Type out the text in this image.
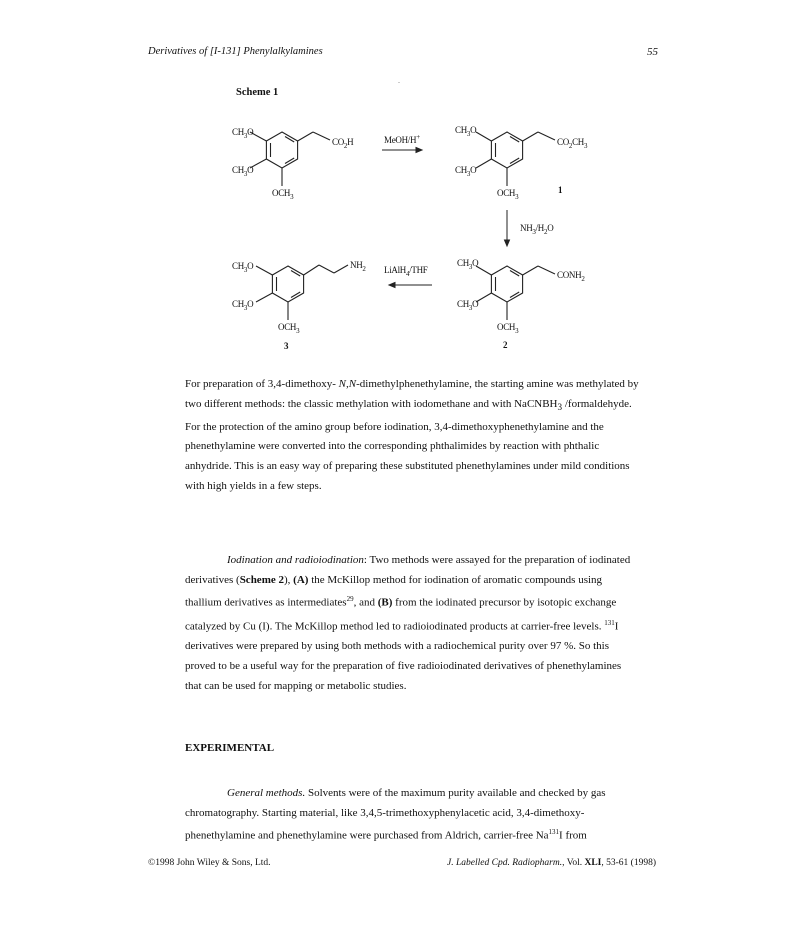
Derivatives of [I-131] Phenylalkylamines	55
Scheme 1
$CH_3O$
$CH_3O$
$OCH_3$
$CO_2H$	MeOH/H+
$CH_3O$
$CH_3O$
$OCH_3$
$CO_2CH_3$
1
$NH_3/H_2O$
$CH_3O$
$CH_3O$
$OCH_3$
$CONH_2$
2
LiAlH$_4$/THF
$CH_3O$
$CH_3O$
$OCH_3$
$NH_2$
3

For preparation of 3,4-dimethoxy- N,N-dimethylphenethylamine, the starting amine was methylated by two different methods: the classic methylation with iodomethane and with NaCNBH$_3$ /formaldehyde.

For the protection of the amino group before iodination, 3,4-dimethoxyphenethylamine and the phenethylamine were converted into the corresponding phthalimides by reaction with phthalic anhydride. This is an easy way of preparing these substituted phenethylamines under mild conditions with high yields in a few steps.

Iodination and radioiodination: Two methods were assayed for the preparation of iodinated derivatives (Scheme 2), (A) the McKillop method for iodination of aromatic compounds using thallium derivatives as intermediates$^{29}$, and (B) from the iodinated precursor by isotopic exchange catalyzed by Cu (I). The McKillop method led to radioiodinated products at carrier-free levels. $^{131}$I derivatives were prepared by using both methods with a radiochemical purity over 97 %. So this proved to be a useful way for the preparation of five radioiodinated derivatives of phenethylamines that can be used for mapping or metabolic studies.

EXPERIMENTAL

General methods. Solvents were of the maximum purity available and checked by gas chromatography. Starting material, like 3,4,5-trimethoxyphenylacetic acid, 3,4-dimethoxy-phenethylamine and phenethylamine were purchased from Aldrich, carrier-free Na$^{131}$I from

©1998 John Wiley & Sons, Ltd.	J. Labelled Cpd. Radiopharm., Vol. XLI, 53-61 (1998)
